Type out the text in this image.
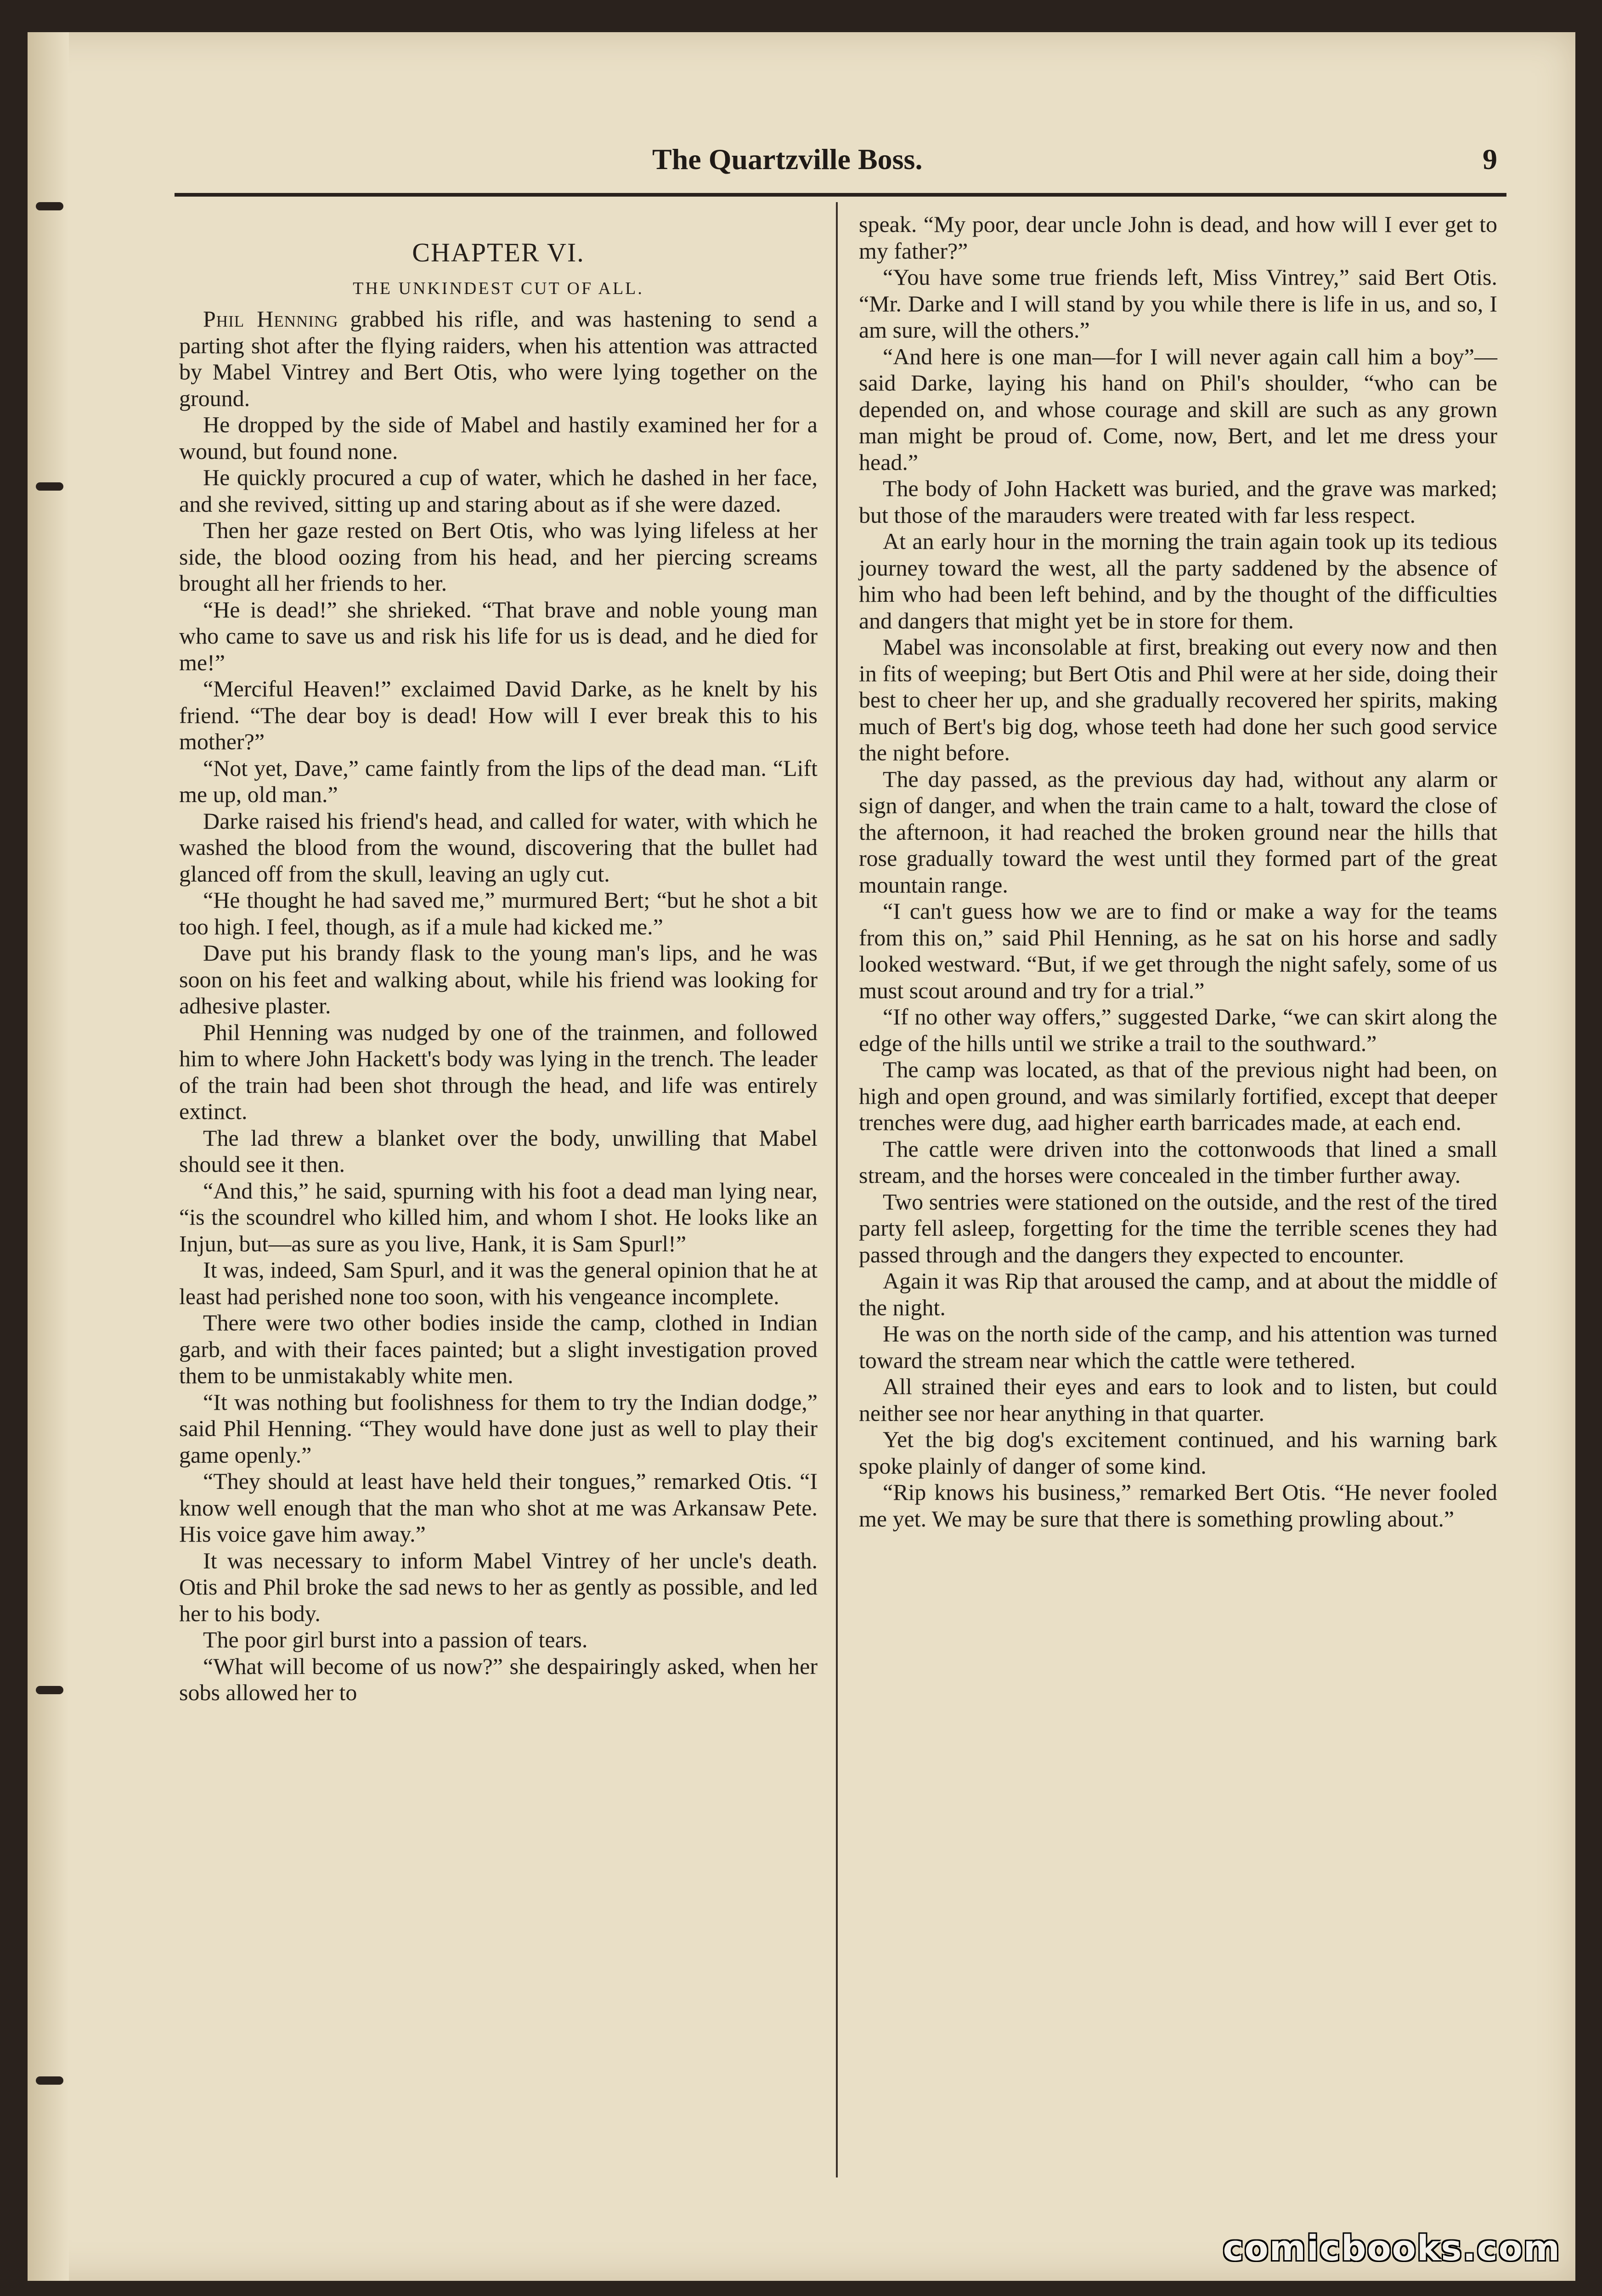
The Quartzville Boss.	9
CHAPTER VI.
THE UNKINDEST CUT OF ALL.

Phil Henning grabbed his rifle, and was hastening to send a parting shot after the flying raiders, when his attention was attracted by Mabel Vintrey and Bert Otis, who were lying together on the ground.

He dropped by the side of Mabel and hastily examined her for a wound, but found none.

He quickly procured a cup of water, which he dashed in her face, and she revived, sitting up and staring about as if she were dazed.

Then her gaze rested on Bert Otis, who was lying lifeless at her side, the blood oozing from his head, and her piercing screams brought all her friends to her.

“He is dead!” she shrieked. “That brave and noble young man who came to save us and risk his life for us is dead, and he died for me!”

“Merciful Heaven!” exclaimed David Darke, as he knelt by his friend. “The dear boy is dead! How will I ever break this to his mother?”

“Not yet, Dave,” came faintly from the lips of the dead man. “Lift me up, old man.”

Darke raised his friend's head, and called for water, with which he washed the blood from the wound, discovering that the bullet had glanced off from the skull, leaving an ugly cut.

“He thought he had saved me,” murmured Bert; “but he shot a bit too high. I feel, though, as if a mule had kicked me.”

Dave put his brandy flask to the young man's lips, and he was soon on his feet and walking about, while his friend was looking for adhesive plaster.

Phil Henning was nudged by one of the trainmen, and followed him to where John Hackett's body was lying in the trench. The leader of the train had been shot through the head, and life was entirely extinct.

The lad threw a blanket over the body, unwilling that Mabel should see it then.

“And this,” he said, spurning with his foot a dead man lying near, “is the scoundrel who killed him, and whom I shot. He looks like an Injun, but—as sure as you live, Hank, it is Sam Spurl!”

It was, indeed, Sam Spurl, and it was the general opinion that he at least had perished none too soon, with his vengeance incomplete.

There were two other bodies inside the camp, clothed in Indian garb, and with their faces painted; but a slight investigation proved them to be unmistakably white men.

“It was nothing but foolishness for them to try the Indian dodge,” said Phil Henning. “They would have done just as well to play their game openly.”

“They should at least have held their tongues,” remarked Otis. “I know well enough that the man who shot at me was Arkansaw Pete. His voice gave him away.”

It was necessary to inform Mabel Vintrey of her uncle's death. Otis and Phil broke the sad news to her as gently as possible, and led her to his body.

The poor girl burst into a passion of tears.

“What will become of us now?” she despairingly asked, when her sobs allowed her to

speak. “My poor, dear uncle John is dead, and how will I ever get to my father?”

“You have some true friends left, Miss Vintrey,” said Bert Otis. “Mr. Darke and I will stand by you while there is life in us, and so, I am sure, will the others.”

“And here is one man—for I will never again call him a boy”—said Darke, laying his hand on Phil's shoulder, “who can be depended on, and whose courage and skill are such as any grown man might be proud of. Come, now, Bert, and let me dress your head.”

The body of John Hackett was buried, and the grave was marked; but those of the marauders were treated with far less respect.

At an early hour in the morning the train again took up its tedious journey toward the west, all the party saddened by the absence of him who had been left behind, and by the thought of the difficulties and dangers that might yet be in store for them.

Mabel was inconsolable at first, breaking out every now and then in fits of weeping; but Bert Otis and Phil were at her side, doing their best to cheer her up, and she gradually recovered her spirits, making much of Bert's big dog, whose teeth had done her such good service the night before.

The day passed, as the previous day had, without any alarm or sign of danger, and when the train came to a halt, toward the close of the afternoon, it had reached the broken ground near the hills that rose gradually toward the west until they formed part of the great mountain range.

“I can't guess how we are to find or make a way for the teams from this on,” said Phil Henning, as he sat on his horse and sadly looked westward. “But, if we get through the night safely, some of us must scout around and try for a trial.”

“If no other way offers,” suggested Darke, “we can skirt along the edge of the hills until we strike a trail to the southward.”

The camp was located, as that of the previous night had been, on high and open ground, and was similarly fortified, except that deeper trenches were dug, aad higher earth barricades made, at each end.

The cattle were driven into the cottonwoods that lined a small stream, and the horses were concealed in the timber further away.

Two sentries were stationed on the outside, and the rest of the tired party fell asleep, forgetting for the time the terrible scenes they had passed through and the dangers they expected to encounter.

Again it was Rip that aroused the camp, and at about the middle of the night.

He was on the north side of the camp, and his attention was turned toward the stream near which the cattle were tethered.

All strained their eyes and ears to look and to listen, but could neither see nor hear anything in that quarter.

Yet the big dog's excitement continued, and his warning bark spoke plainly of danger of some kind.

“Rip knows his business,” remarked Bert Otis. “He never fooled me yet. We may be sure that there is something prowling about.”

comicbooks.com
